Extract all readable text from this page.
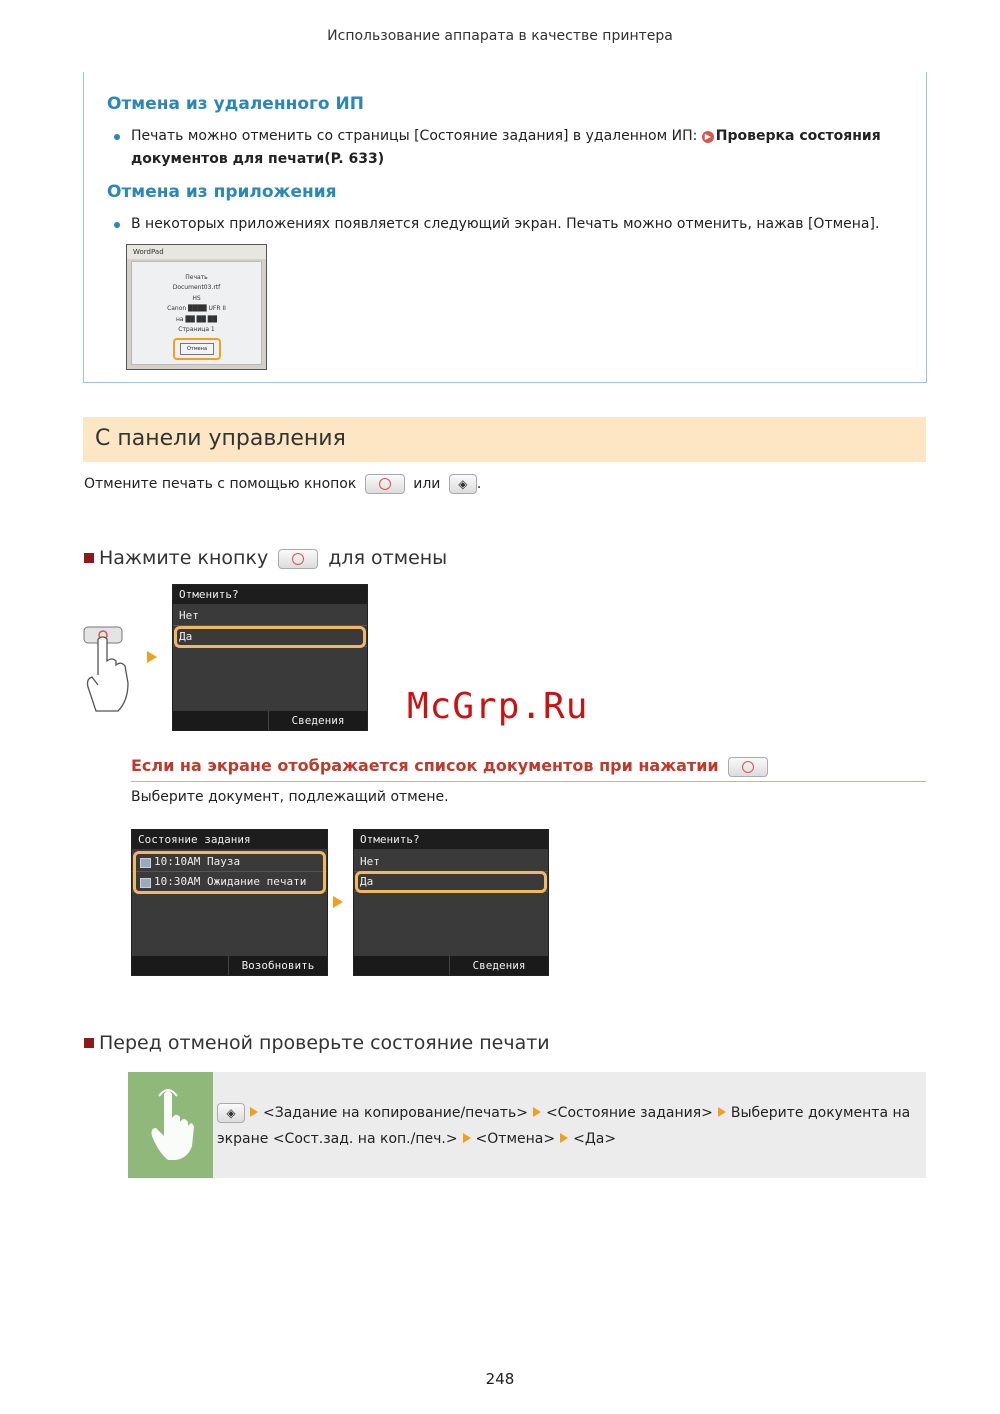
Использование аппарата в качестве принтера
Отмена из удаленного ИП
Печать можно отменить со страницы [Состояние задания] в удаленном ИП: ▶ Проверка состояния
документов для печати(P. 633)
Отмена из приложения
В некоторых приложениях появляется следующий экран. Печать можно отменить, нажав [Отмена].
WordPad
Печать
Document03.rtf
HS
Canon ████ UFR II
на ██ ██ ██
Страница 1
Отмена
С панели управления
Отмените печать с помощью кнопок	или ◈ .
Нажмите кнопку	для отмены
Отменить?
Нет
Да
Сведения	McGrp.Ru
Если на экране отображается список документов при нажатии
Выберите документ, подлежащий отмене.
Состояние задания
10:10AM Пауза
10:30AM Ожидание печати
Возобновить
Отменить?
Нет
Да
Сведения
Перед отменой проверьте состояние печати
◈ <Задание на копирование/печать> <Состояние задания> Выберите документа на экране <Сост.зад. на коп./печ.> <Отмена> <Да>
248
